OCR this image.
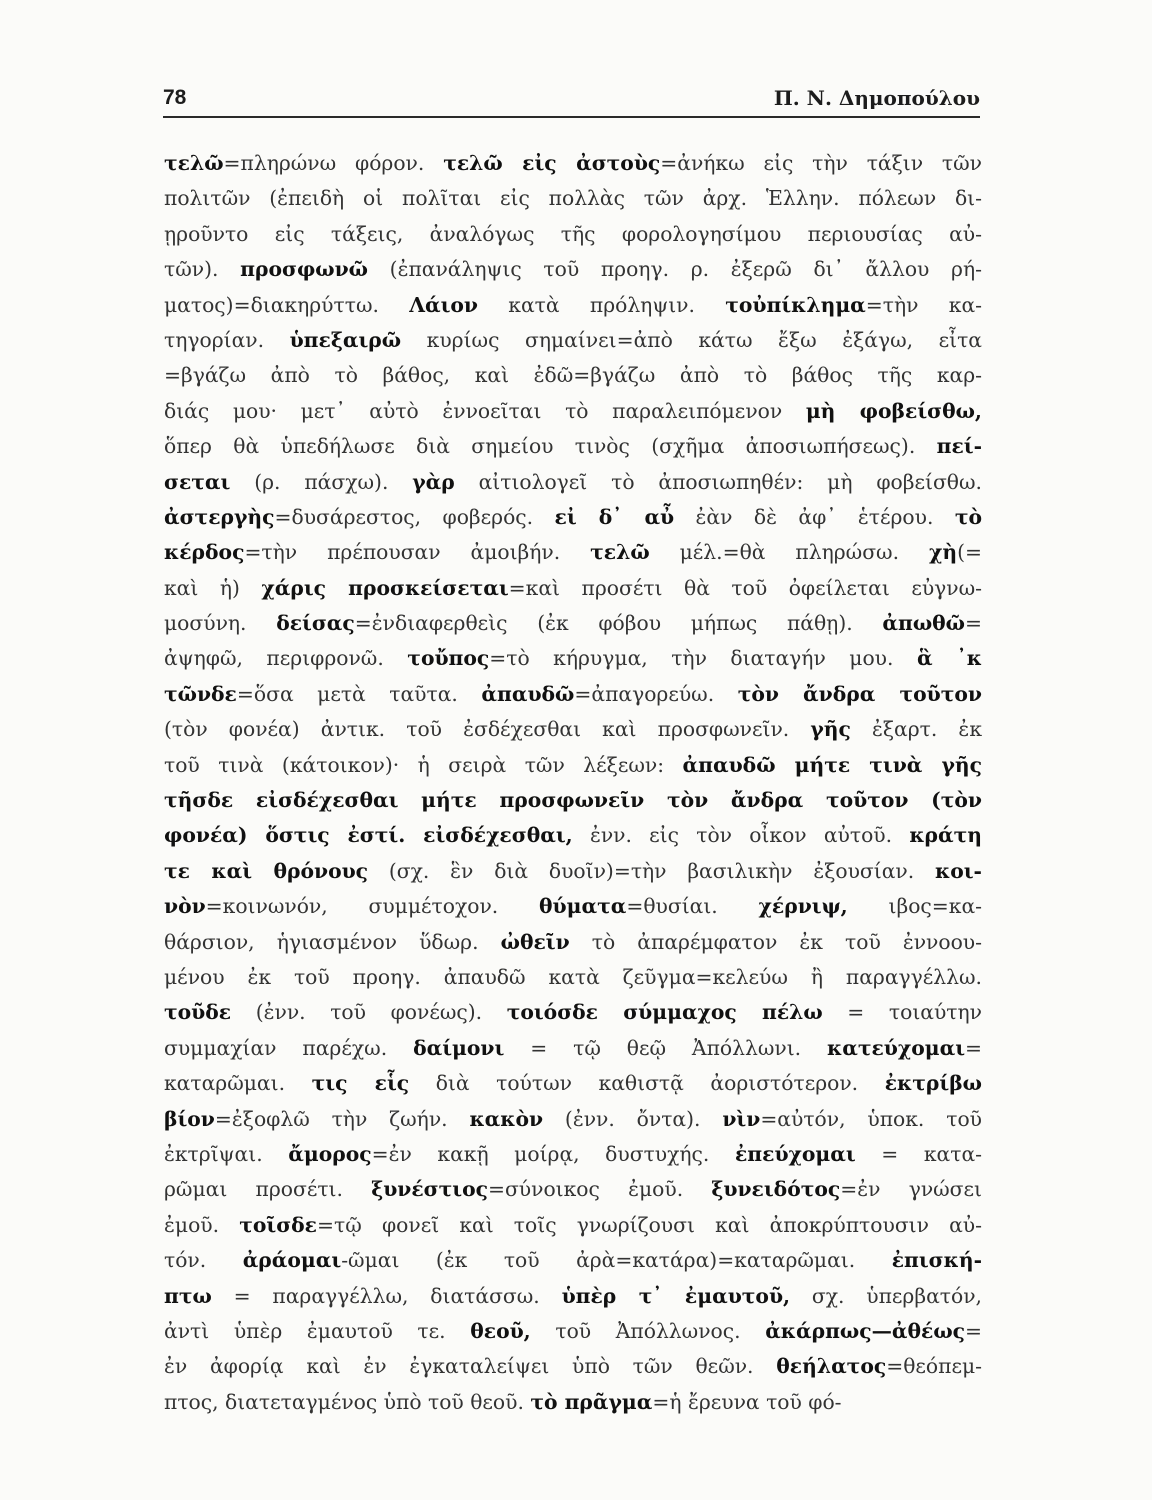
78	Π. Ν. Δημοπούλου
τελῶ=πληρώνω φόρον. τελῶ εἰς ἀστοὺς=ἀνήκω εἰς τὴν τάξιν τῶν
πολιτῶν (ἐπειδὴ οἱ πολῖται εἰς πολλὰς τῶν ἀρχ. Ἑλλην. πόλεων δι-
ῃροῦντο εἰς τάξεις, ἀναλόγως τῆς φορολογησίμου περιουσίας αὐ-
τῶν). προσφωνῶ (ἐπανάληψις τοῦ προηγ. ρ. ἐξερῶ δι᾽ ἄλλου ρή-
ματος)=διακηρύττω. Λάιον κατὰ πρόληψιν. τοὐπίκλημα=τὴν κα-
τηγορίαν. ὑπεξαιρῶ κυρίως σημαίνει=ἀπὸ κάτω ἔξω ἐξάγω, εἶτα
=βγάζω ἀπὸ τὸ βάθος, καὶ ἐδῶ=βγάζω ἀπὸ τὸ βάθος τῆς καρ-
διάς μου· μετ᾽ αὐτὸ ἐννοεῖται τὸ παραλειπόμενον μὴ φοβείσθω,
ὅπερ θὰ ὑπεδήλωσε διὰ σημείου τινὸς (σχῆμα ἀποσιωπήσεως). πεί-
σεται (ρ. πάσχω). γὰρ αἰτιολογεῖ τὸ ἀποσιωπηθέν: μὴ φοβείσθω.
ἀστεργὴς=δυσάρεστος, φοβερός. εἰ δ᾽ αὖ ἐὰν δὲ ἀφ᾽ ἑτέρου. τὸ
κέρδος=τὴν πρέπουσαν ἀμοιβήν. τελῶ μέλ.=θὰ πληρώσω. χὴ(=
καὶ ἡ) χάρις προσκείσεται=καὶ προσέτι θὰ τοῦ ὀφείλεται εὐγνω-
μοσύνη. δείσας=ἐνδιαφερθεὶς (ἐκ φόβου μήπως πάθῃ). ἀπωθῶ=
ἀψηφῶ, περιφρονῶ. τοὔπος=τὸ κήρυγμα, τὴν διαταγήν μου. ἃ ᾽κ
τῶνδε=ὅσα μετὰ ταῦτα. ἀπαυδῶ=ἀπαγορεύω. τὸν ἄνδρα τοῦτον
(τὸν φονέα) ἀντικ. τοῦ ἐσδέχεσθαι καὶ προσφωνεῖν. γῆς ἐξαρτ. ἐκ
τοῦ τινὰ (κάτοικον)· ἡ σειρὰ τῶν λέξεων: ἀπαυδῶ μήτε τινὰ γῆς
τῆσδε εἰσδέχεσθαι μήτε προσφωνεῖν τὸν ἄνδρα τοῦτον (τὸν
φονέα) ὅστις ἐστί. εἰσδέχεσθαι, ἐνν. εἰς τὸν οἶκον αὐτοῦ. κράτη
τε καὶ θρόνους (σχ. ἓν διὰ δυοῖν)=τὴν βασιλικὴν ἐξουσίαν. κοι-
νὸν=κοινωνόν, συμμέτοχον. θύματα=θυσίαι. χέρνιψ, ιβος=κα-
θάρσιον, ἡγιασμένον ὕδωρ. ὠθεῖν τὸ ἀπαρέμφατον ἐκ τοῦ ἐννοου-
μένου ἐκ τοῦ προηγ. ἀπαυδῶ κατὰ ζεῦγμα=κελεύω ἢ παραγγέλλω.
τοῦδε (ἐνν. τοῦ φονέως). τοιόσδε σύμμαχος πέλω = τοιαύτην
συμμαχίαν παρέχω. δαίμονι = τῷ θεῷ Ἀπόλλωνι. κατεύχομαι=
καταρῶμαι. τις εἷς διὰ τούτων καθιστᾷ ἀοριστότερον. ἐκτρίβω
βίον=ἐξοφλῶ τὴν ζωήν. κακὸν (ἐνν. ὄντα). νὶν=αὐτόν, ὑποκ. τοῦ
ἐκτρῖψαι. ἄμορος=ἐν κακῇ μοίρᾳ, δυστυχής. ἐπεύχομαι = κατα-
ρῶμαι προσέτι. ξυνέστιος=σύνοικος ἐμοῦ. ξυνειδότος=ἐν γνώσει
ἐμοῦ. τοῖσδε=τῷ φονεῖ καὶ τοῖς γνωρίζουσι καὶ ἀποκρύπτουσιν αὐ-
τόν. ἀράομαι-ῶμαι (ἐκ τοῦ ἀρὰ=κατάρα)=καταρῶμαι. ἐπισκή-
πτω = παραγγέλλω, διατάσσω. ὑπὲρ τ᾽ ἐμαυτοῦ, σχ. ὑπερβατόν,
ἀντὶ ὑπὲρ ἐμαυτοῦ τε. θεοῦ, τοῦ Ἀπόλλωνος. ἀκάρπως—ἀθέως=
ἐν ἀφορίᾳ καὶ ἐν ἐγκαταλείψει ὑπὸ τῶν θεῶν. θεήλατος=θεόπεμ-
πτος, διατεταγμένος ὑπὸ τοῦ θεοῦ. τὸ πρᾶγμα=ἡ ἔρευνα τοῦ φό-
